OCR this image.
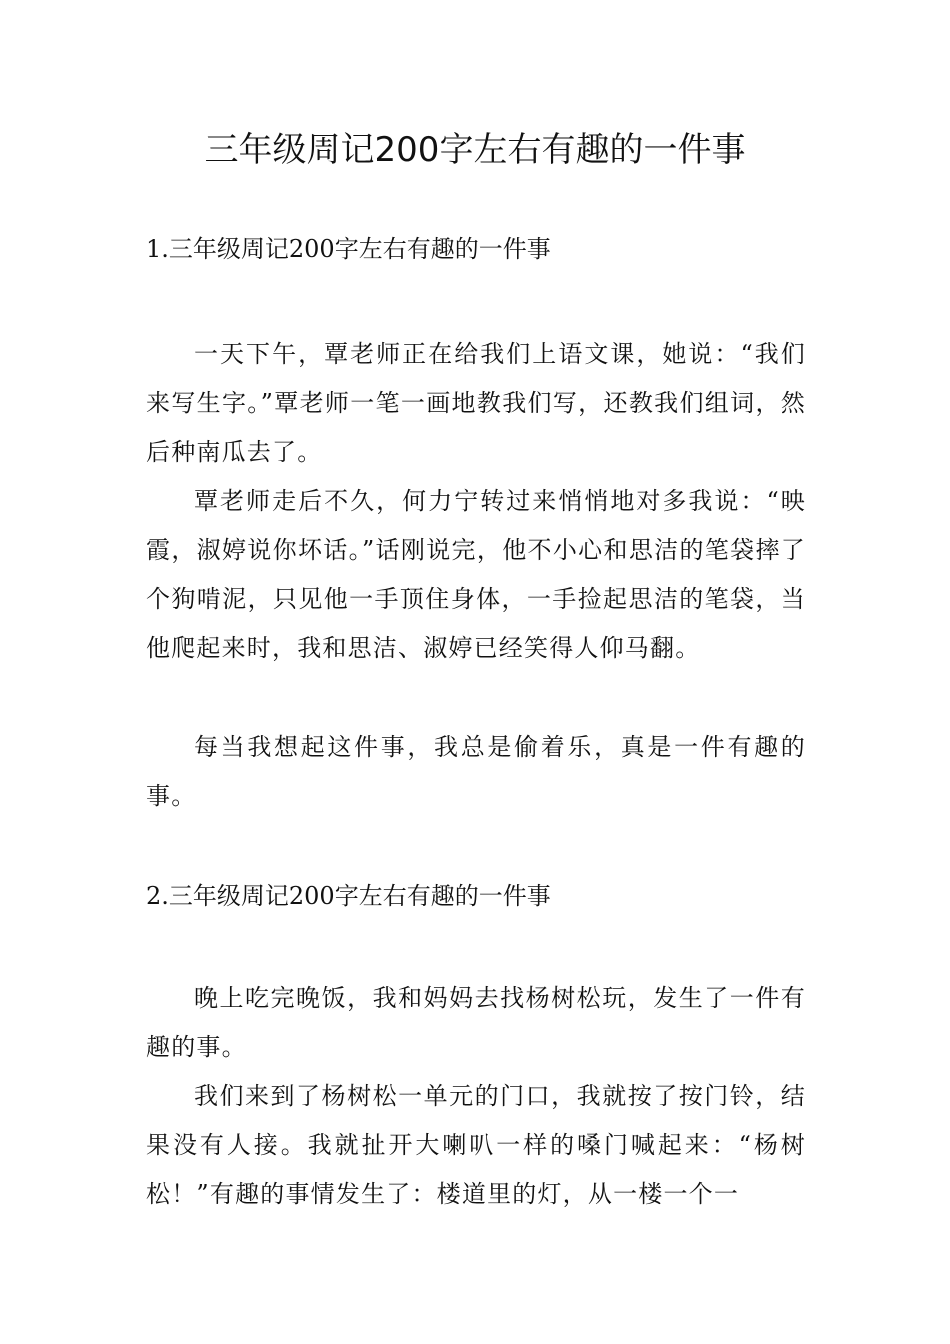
三年级周记200字左右有趣的一件事
1.三年级周记200字左右有趣的一件事

一天下午，覃老师正在给我们上语文课，她说：“我们来写生字。”覃老师一笔一画地教我们写，还教我们组词，然后种南瓜去了。

覃老师走后不久，何力宁转过来悄悄地对多我说：“映霞，淑婷说你坏话。”话刚说完，他不小心和思洁的笔袋摔了个狗啃泥，只见他一手顶住身体，一手捡起思洁的笔袋，当他爬起来时，我和思洁、淑婷已经笑得人仰马翻。

每当我想起这件事，我总是偷着乐，真是一件有趣的事。

2.三年级周记200字左右有趣的一件事

晚上吃完晚饭，我和妈妈去找杨树松玩，发生了一件有趣的事。

我们来到了杨树松一单元的门口，我就按了按门铃，结果没有人接。我就扯开大喇叭一样的嗓门喊起来：“杨树松！”有趣的事情发生了：楼道里的灯，从一楼一个一
